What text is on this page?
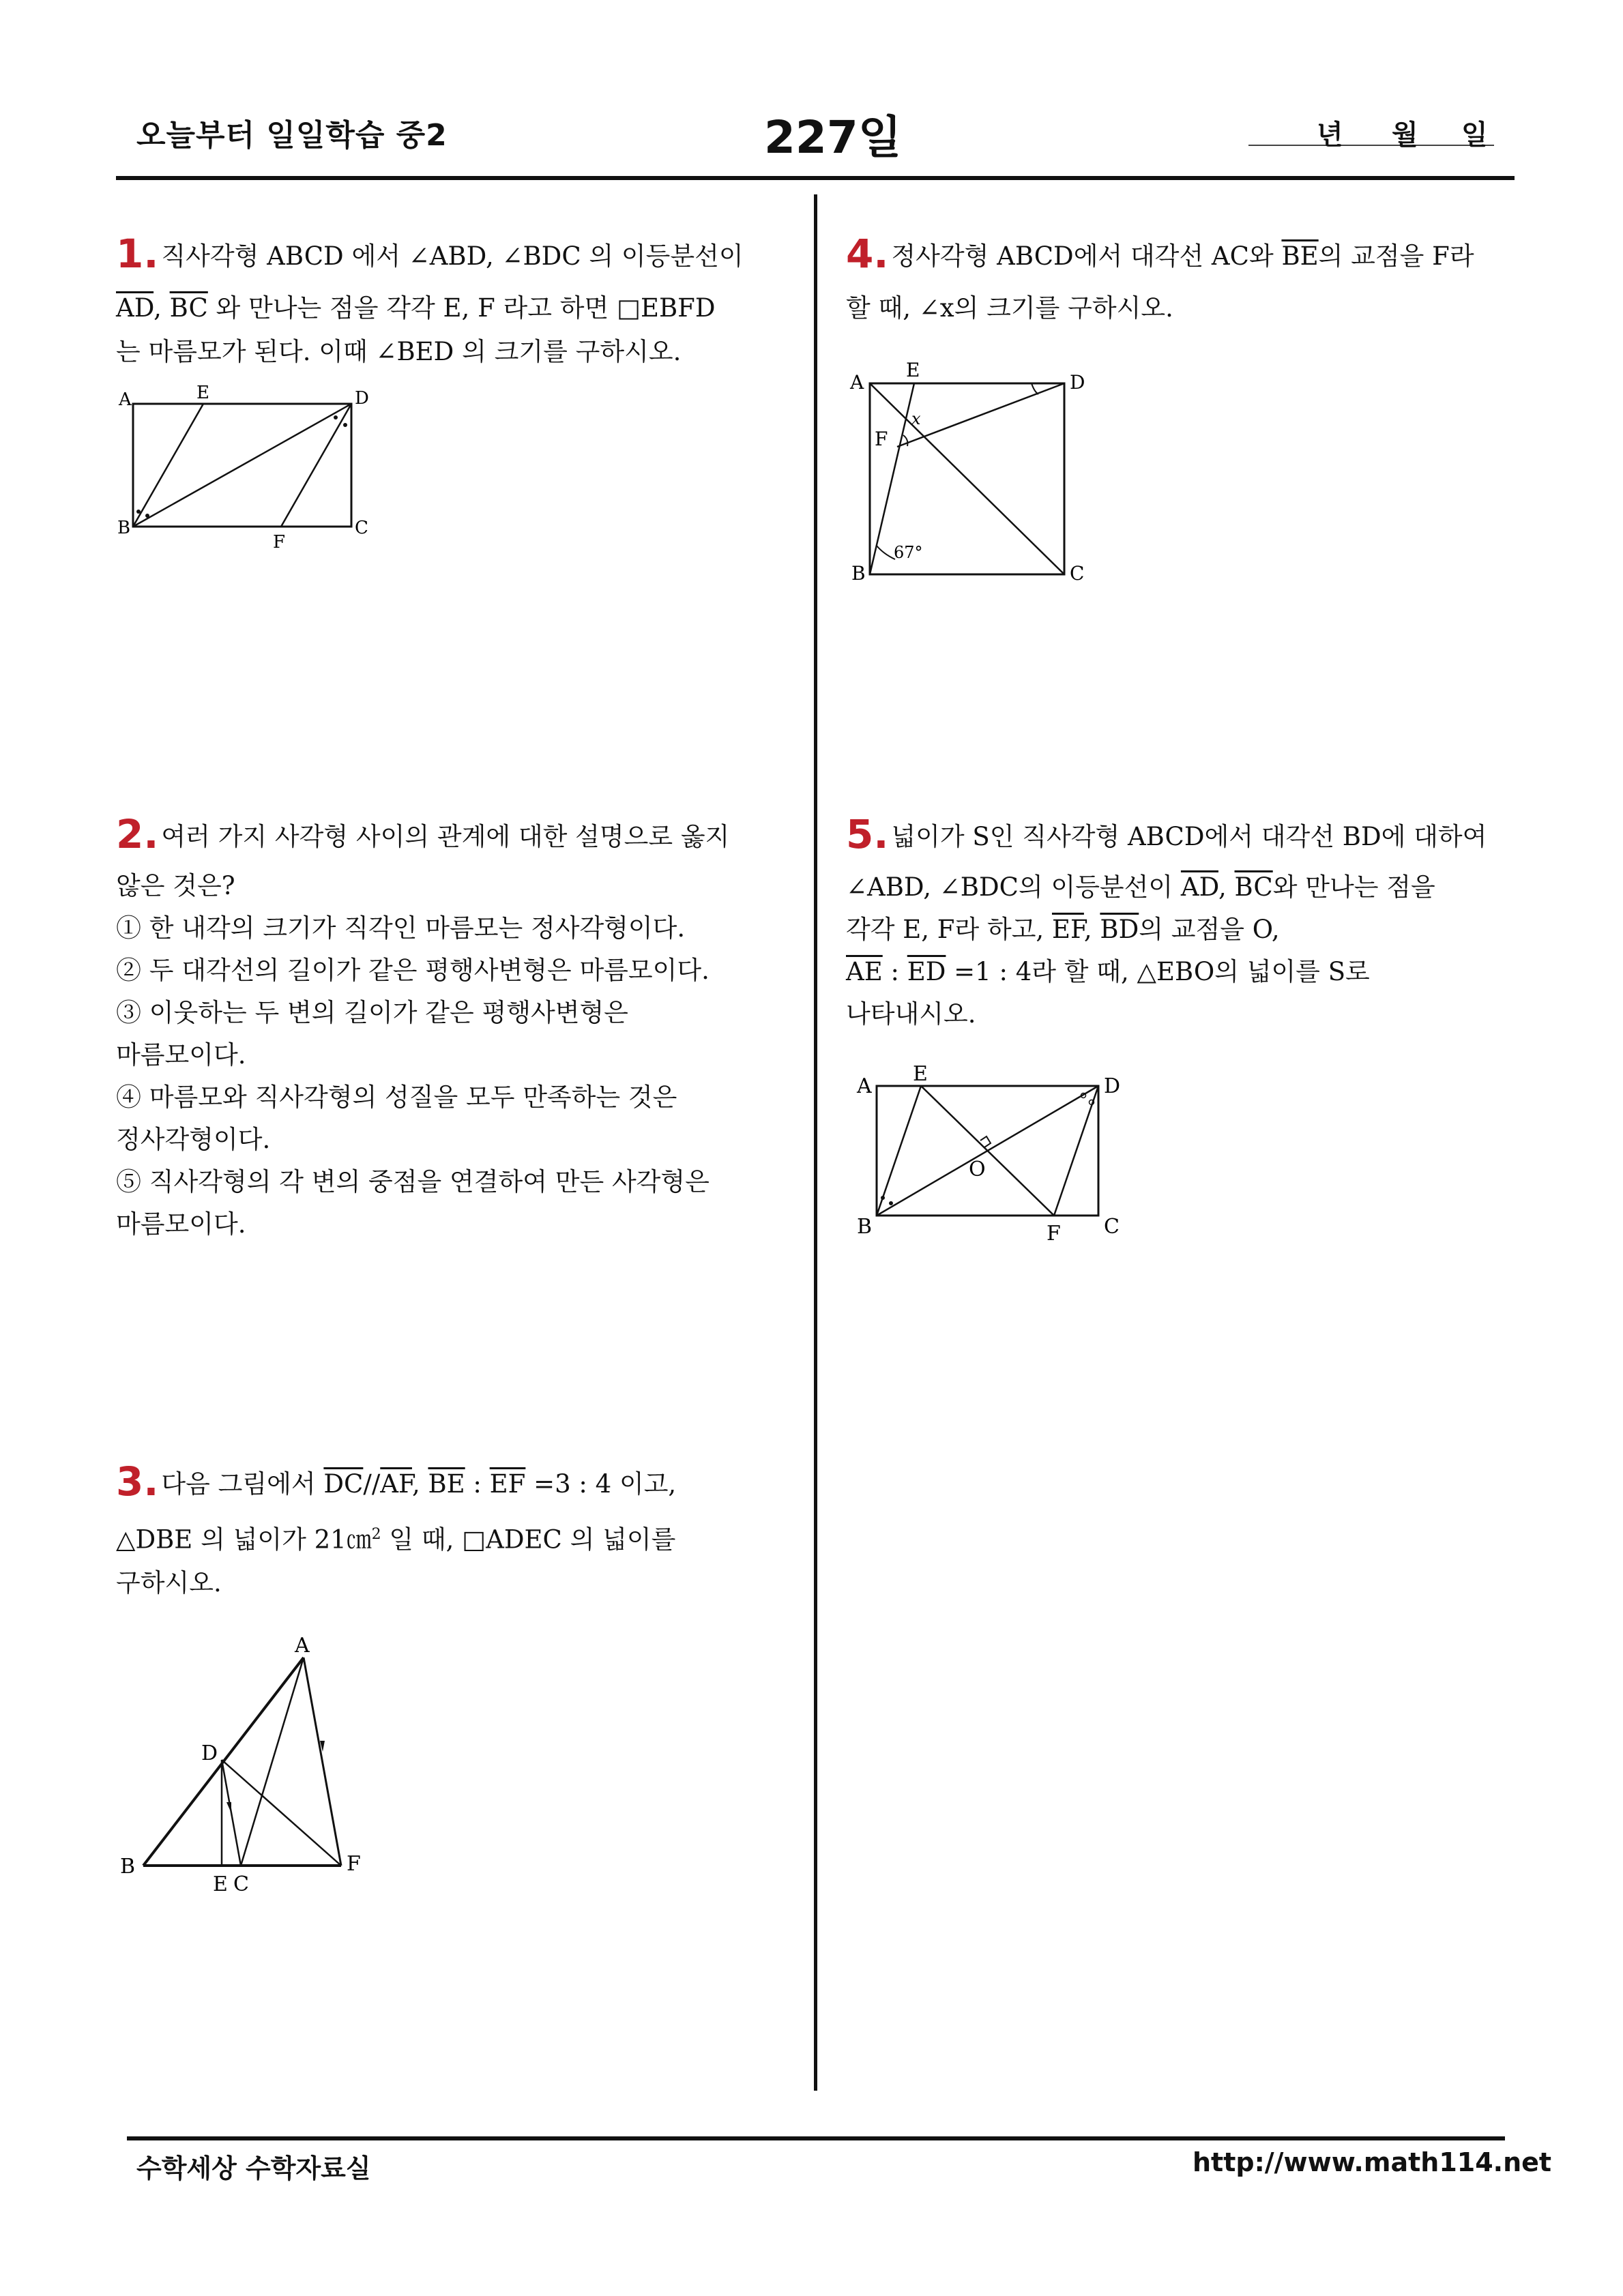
오늘부터 일일학습 중2	227일	년 월 일
1. 직사각형 ABCD 에서 ∠ABD, ∠BDC 의 이등분선이
$\overline{AD}$, $\overline{BC}$ 와 만나는 점을 각각 E, F 라고 하면 □EBFD
는 마름모가 된다. 이때 ∠BED 의 크기를 구하시오.
A	E	D
B
F
C
2. 여러 가지 사각형 사이의 관계에 대한 설명으로 옳지
않은 것은?
① 한 내각의 크기가 직각인 마름모는 정사각형이다.
② 두 대각선의 길이가 같은 평행사변형은 마름모이다.
③ 이웃하는 두 변의 길이가 같은 평행사변형은
마름모이다.
④ 마름모와 직사각형의 성질을 모두 만족하는 것은
정사각형이다.
⑤ 직사각형의 각 변의 중점을 연결하여 만든 사각형은
마름모이다.
3. 다음 그림에서 $\overline{DC}//\overline{AF}$, $\overline{BE}$ : $\overline{EF} =3$ : 4 이고,
△DBE 의 넓이가 21㎝$^2$ 일 때, □ADEC 의 넓이를
구하시오.
A
D
B
E C
F
4. 정사각형 ABCD에서 대각선 AC와 $\overline{BE}$의 교점을 F라
할 때, ∠x의 크기를 구하시오.
A
E
D
F
x
B	C
67°
5. 넓이가 S인 직사각형 ABCD에서 대각선 BD에 대하여
∠ABD, ∠BDC의 이등분선이 $\overline{AD}$, $\overline{BC}$와 만나는 점을
각각 E, F라 하고, $\overline{EF}$, $\overline{BD}$의 교점을 O,
$\overline{AE}$ : $\overline{ED} =1$ : 4라 할 때, △EBO의 넓이를 S로
나타내시오.
A
E
D
O
B	F C
수학세상 수학자료실	http://www.math114.net
